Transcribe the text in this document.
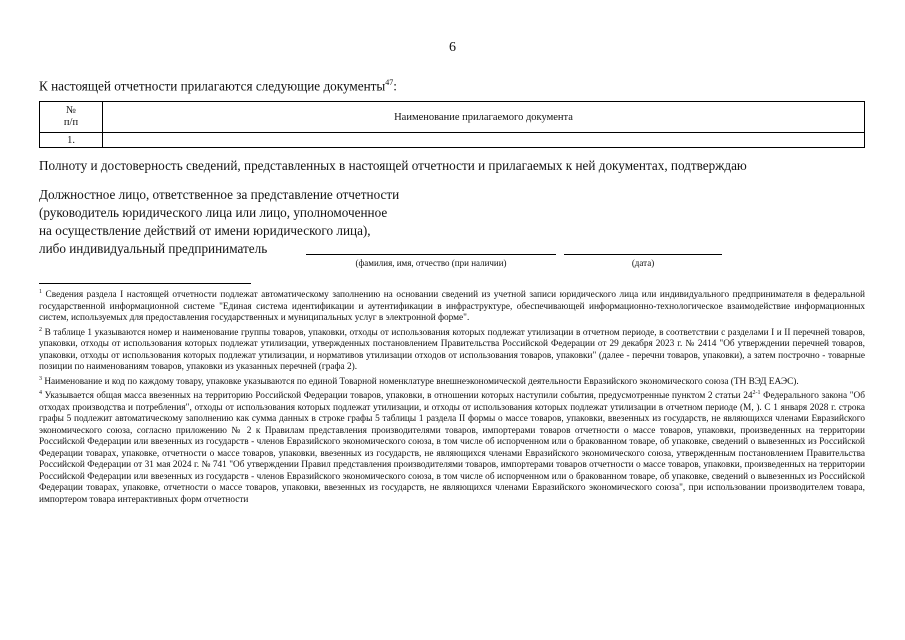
6
К настоящей отчетности прилагаются следующие документы$^{47}$:
№
п/п	Наименование прилагаемого документа
1.	
Полноту и достоверность сведений, представленных в настоящей отчетности и прилагаемых к ней документах, подтверждаю
Должностное лицо, ответственное за представление отчетности
(руководитель юридического лица или лицо, уполномоченное
на осуществление действий от имени юридического лица),
либо индивидуальный предприниматель
(фамилия, имя, отчество (при наличии)	(дата)

$^1$ Сведения раздела I настоящей отчетности подлежат автоматическому заполнению на основании сведений из учетной записи юридического лица или индивидуального предпринимателя в федеральной государственной информационной системе "Единая система идентификации и аутентификации в инфраструктуре, обеспечивающей информационно-технологическое взаимодействие информационных систем, используемых для предоставления государственных и муниципальных услуг в электронной форме".

$^2$ В таблице 1 указываются номер и наименование группы товаров, упаковки, отходы от использования которых подлежат утилизации в отчетном периоде, в соответствии с разделами I и II перечней товаров, упаковки, отходы от использования которых подлежат утилизации, утвержденных постановлением Правительства Российской Федерации от 29 декабря 2023 г. № 2414 "Об утверждении перечней товаров, упаковки, отходы от использования которых подлежат утилизации, и нормативов утилизации отходов от использования товаров, упаковки" (далее - перечни товаров, упаковки), а затем построчно - товарные позиции по наименованиям товаров, упаковки из указанных перечней (графа 2).

$^3$ Наименование и код по каждому товару, упаковке указываются по единой Товарной номенклатуре внешнеэкономической деятельности Евразийского экономического союза (ТН ВЭД ЕАЭС).

$^4$ Указывается общая масса ввезенных на территорию Российской Федерации товаров, упаковки, в отношении которых наступили события, предусмотренные пунктом 2 статьи 24$^{2-1}$ Федерального закона "Об отходах производства и потребления", отходы от использования которых подлежат утилизации, и отходы от использования которых подлежат утилизации в отчетном периоде (М, ). С 1 января 2028 г. строка графы 5 подлежит автоматическому заполнению как сумма данных в строке графы 5 таблицы 1 раздела II формы о массе товаров, упаковки, ввезенных из государств, не являющихся членами Евразийского экономического союза, согласно приложению № 2 к Правилам представления производителями товаров, импортерами товаров отчетности о массе товаров, упаковки, произведенных на территории Российской Федерации или ввезенных из государств - членов Евразийского экономического союза, в том числе об испорченном или о бракованном товаре, об упаковке, сведений о вывезенных из Российской Федерации товарах, упаковке, отчетности о массе товаров, упаковки, ввезенных из государств, не являющихся членами Евразийского экономического союза, утвержденным постановлением Правительства Российской Федерации от 31 мая 2024 г. № 741 "Об утверждении Правил представления производителями товаров, импортерами товаров отчетности о массе товаров, упаковки, произведенных на территории Российской Федерации или ввезенных из государств - членов Евразийского экономического союза, в том числе об испорченном или о бракованном товаре, об упаковке, сведений о вывезенных из Российской Федерации товарах, упаковке, отчетности о массе товаров, упаковки, ввезенных из государств, не являющихся членами Евразийского экономического союза", при использовании производителем товара, импортером товара интерактивных форм отчетности
